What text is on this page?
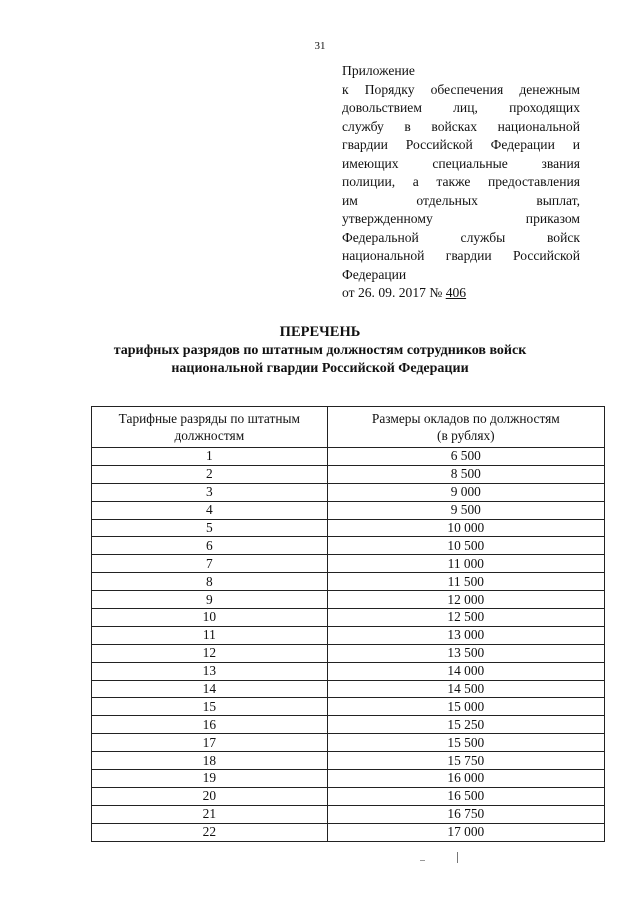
31
Приложение
к Порядку обеспечения денежным
довольствием лиц, проходящих
службу в войсках национальной
гвардии Российской Федерации и
имеющих специальные звания
полиции, а также предоставления
им отдельных выплат,
утвержденному приказом
Федеральной службы войск
национальной гвардии Российской
Федерации
от 26. 09. 2017 № 406
ПЕРЕЧЕНЬ
тарифных разрядов по штатным должностям сотрудников войск
национальной гвардии Российской Федерации
Тарифные разряды по штатным
должностям	Размеры окладов по должностям
(в рублях)
1	6 500
2	8 500
3	9 000
4	9 500
5	10 000
6	10 500
7	11 000
8	11 500
9	12 000
10	12 500
11	13 000
12	13 500
13	14 000
14	14 500
15	15 000
16	15 250
17	15 500
18	15 750
19	16 000
20	16 500
21	16 750
22	17 000
